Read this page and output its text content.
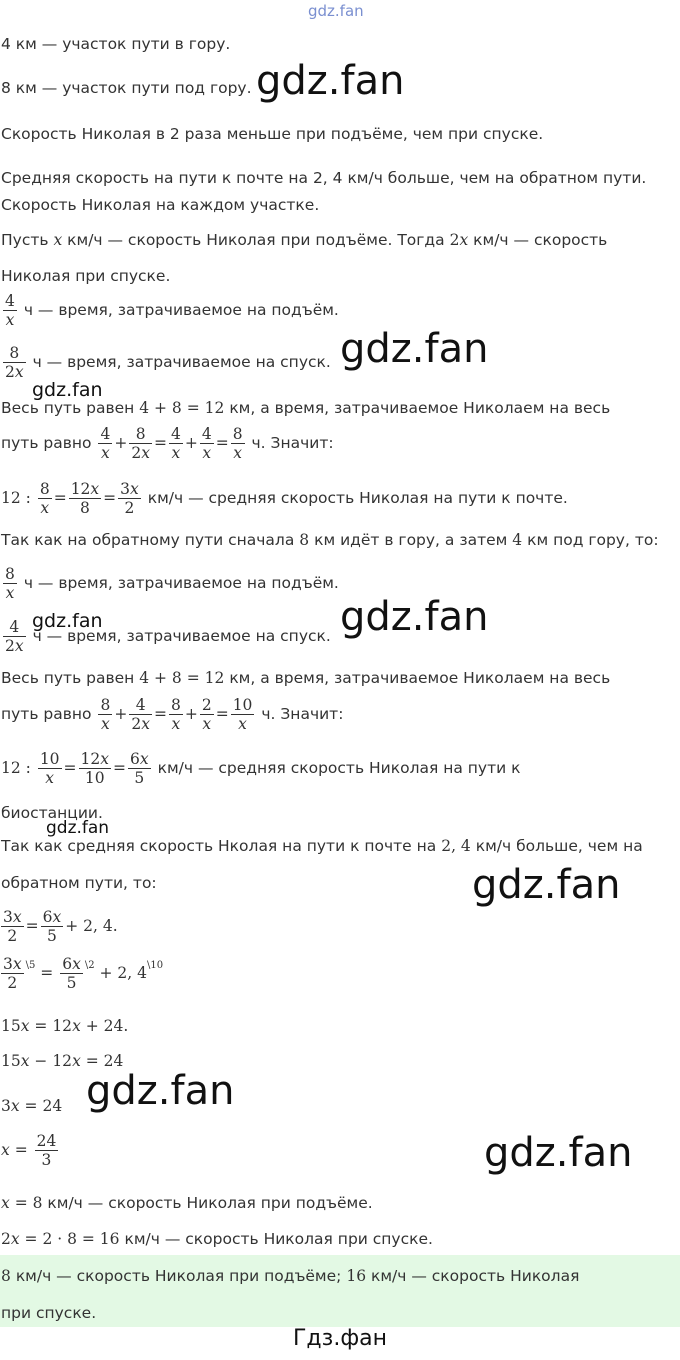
gdz.fan
4 км — участок пути в гору.
8 км — участок пути под гору.
Скорость Николая в 2 раза меньше при подъёме, чем при спуске.
Средняя скорость на пути к почте на 2, 4 км/ч больше, чем на обратном пути.
Скорость Николая на каждом участке.
Пусть x км/ч — скорость Николая при подъёме. Тогда 2x км/ч — скорость
Николая при спуске.
$\frac{4}{x}$ ч — время, затрачиваемое на подъём.
$\frac{8}{2x}$ ч — время, затрачиваемое на спуск.
Весь путь равен 4 + 8 = 12 км, а время, затрачиваемое Николаем на весь
путь равно $\frac{4}{x} + \frac{8}{2x} = \frac{4}{x} + \frac{4}{x} = \frac{8}{x} ч$. Значит:
12 : $\frac{8}{x} = \frac{12x}{8} = \frac{3x}{2} км/ч$ — средняя скорость Николая на пути к почте.
Так как на обратному пути сначала 8 км идёт в гору, а затем 4 км под гору, то:
$\frac{8}{x}$ ч — время, затрачиваемое на подъём.
$\frac{4}{2x}$ ч — время, затрачиваемое на спуск.
Весь путь равен 4 + 8 = 12 км, а время, затрачиваемое Николаем на весь
путь равно $\frac{8}{x} + \frac{4}{2x} = \frac{8}{x} + \frac{2}{x} = \frac{10}{x} ч$. Значит:
12 : $\frac{10}{x} = \frac{12x}{10} = \frac{6x}{5} км/ч$ — средняя скорость Николая на пути к
биостанции.
Так как средняя скорость Нколая на пути к почте на 2, 4 км/ч больше, чем на
обратном пути, то:
$\frac{3x}{2} = \frac{6x}{5} + 2$, 4.
$\frac{3x}{2} ^{\backslash 5} = \frac{6x}{5} ^{\backslash 2} + 2$, $4^{\backslash 10}$
15x = 12x + 24.
15x − 12x = 24
3x = 24
$x = \frac{24}{3}$
x = 8 км/ч — скорость Николая при подъёме.
2x = 2 · 8 = 16 км/ч — скорость Николая при спуске.
8 км/ч — скорость Николая при подъёме; 16 км/ч — скорость Николая
при спуске.
gdz.fan
gdz.fan
gdz.fan
gdz.fan
gdz.fan
gdz.fan
gdz.fan
gdz.fan
gdz.fan
Гдз.фан
